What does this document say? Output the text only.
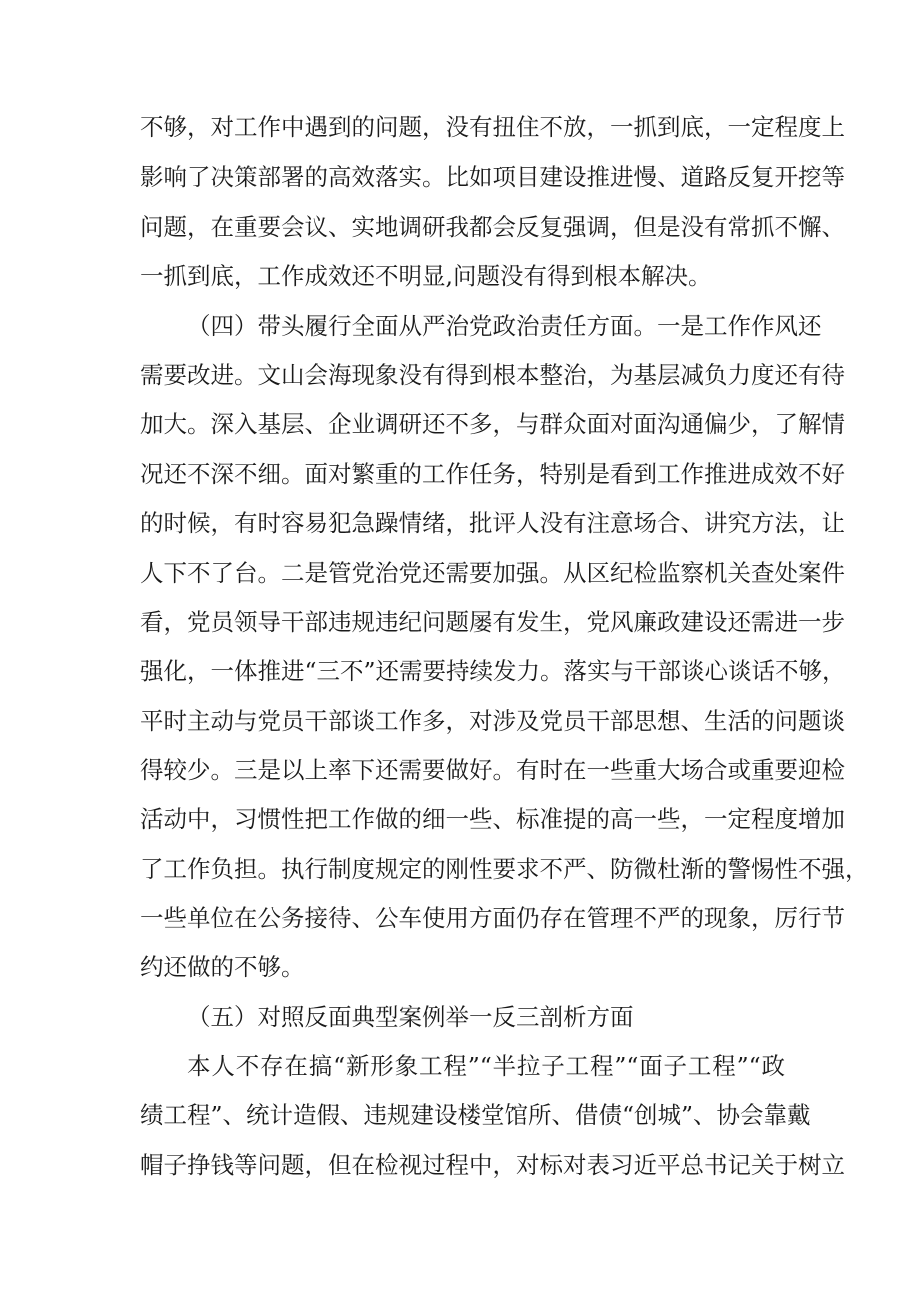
不够，对工作中遇到的问题，没有扭住不放，一抓到底，一定程度上
影响了决策部署的高效落实。比如项目建设推进慢、道路反复开挖等
问题，在重要会议、实地调研我都会反复强调，但是没有常抓不懈、
一抓到底，工作成效还不明显,问题没有得到根本解决。
（四）带头履行全面从严治党政治责任方面。一是工作作风还
需要改进。文山会海现象没有得到根本整治，为基层减负力度还有待
加大。深入基层、企业调研还不多，与群众面对面沟通偏少，了解情
况还不深不细。面对繁重的工作任务，特别是看到工作推进成效不好
的时候，有时容易犯急躁情绪，批评人没有注意场合、讲究方法，让
人下不了台。二是管党治党还需要加强。从区纪检监察机关查处案件
看，党员领导干部违规违纪问题屡有发生，党风廉政建设还需进一步
强化，一体推进“三不”还需要持续发力。落实与干部谈心谈话不够，
平时主动与党员干部谈工作多，对涉及党员干部思想、生活的问题谈
得较少。三是以上率下还需要做好。有时在一些重大场合或重要迎检
活动中，习惯性把工作做的细一些、标准提的高一些，一定程度增加
了工作负担。执行制度规定的刚性要求不严、防微杜渐的警惕性不强，
一些单位在公务接待、公车使用方面仍存在管理不严的现象，厉行节
约还做的不够。
（五）对照反面典型案例举一反三剖析方面
本人不存在搞“新形象工程”“半拉子工程”“面子工程”“政
绩工程”、统计造假、违规建设楼堂馆所、借债“创城”、协会靠戴
帽子挣钱等问题，但在检视过程中，对标对表习近平总书记关于树立
